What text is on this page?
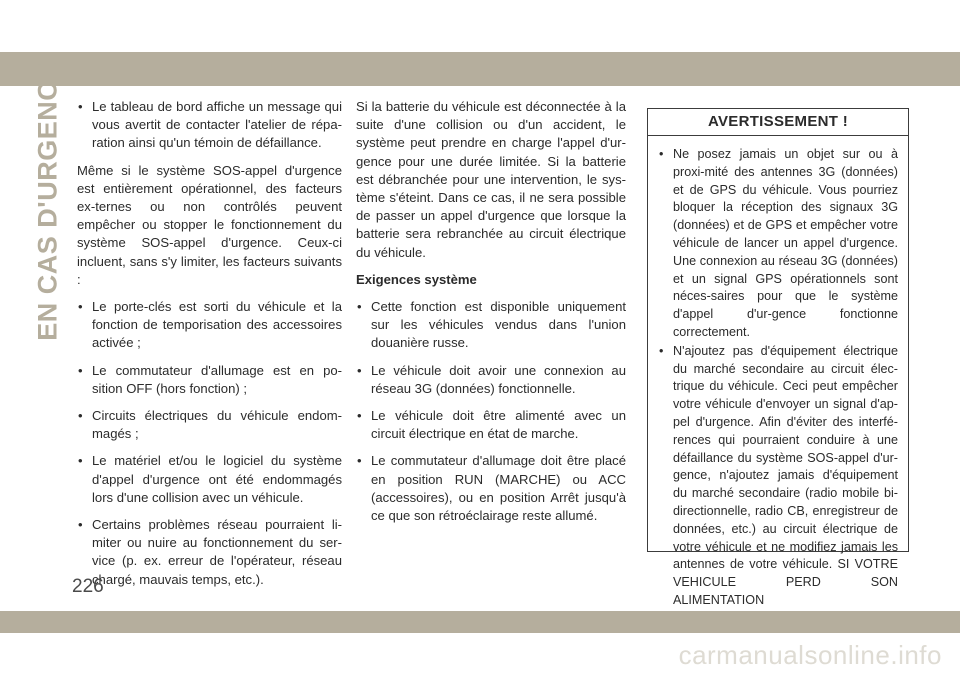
EN CAS D'URGENCE
•	Le tableau de bord affiche un message qui vous avertit de contacter l'atelier de répa-ration ainsi qu'un témoin de défaillance.

Même si le système SOS-appel d'urgence est entièrement opérationnel, des facteurs ex-ternes ou non contrôlés peuvent empêcher ou stopper le fonctionnement du système SOS-appel d'urgence. Ceux-ci incluent, sans s'y limiter, les facteurs suivants :

• Le porte-clés est sorti du véhicule et la fonction de temporisation des accessoires activée ;
• Le commutateur d'allumage est en po-sition OFF (hors fonction) ;
• Circuits électriques du véhicule endom-magés ;
• Le matériel et/ou le logiciel du système d'appel d'urgence ont été endommagés lors d'une collision avec un véhicule.
• Certains problèmes réseau pourraient li-miter ou nuire au fonctionnement du ser-vice (p. ex. erreur de l'opérateur, réseau chargé, mauvais temps, etc.).

Si la batterie du véhicule est déconnectée à la suite d'une collision ou d'un accident, le système peut prendre en charge l'appel d'ur-gence pour une durée limitée. Si la batterie est débranchée pour une intervention, le sys-tème s'éteint. Dans ce cas, il ne sera possible de passer un appel d'urgence que lorsque la batterie sera rebranchée au circuit électrique du véhicule.

Exigences système
• Cette fonction est disponible uniquement sur les véhicules vendus dans l'union douanière russe.
• Le véhicule doit avoir une connexion au réseau 3G (données) fonctionnelle.
• Le véhicule doit être alimenté avec un circuit électrique en état de marche.
• Le commutateur d'allumage doit être placé en position RUN (MARCHE) ou ACC (accessoires), ou en position Arrêt jusqu'à ce que son rétroéclairage reste allumé.
AVERTISSEMENT !
• Ne posez jamais un objet sur ou à proxi-mité des antennes 3G (données) et de GPS du véhicule. Vous pourriez bloquer la réception des signaux 3G (données) et de GPS et empêcher votre véhicule de lancer un appel d'urgence. Une connexion au réseau 3G (données) et un signal GPS opérationnels sont néces-saires pour que le système d'appel d'ur-gence fonctionne correctement.
• N'ajoutez pas d'équipement électrique du marché secondaire au circuit élec-trique du véhicule. Ceci peut empêcher votre véhicule d'envoyer un signal d'ap-pel d'urgence. Afin d'éviter des interfé-rences qui pourraient conduire à une défaillance du système SOS-appel d'ur-gence, n'ajoutez jamais d'équipement du marché secondaire (radio mobile bi-directionnelle, radio CB, enregistreur de données, etc.) au circuit électrique de votre véhicule et ne modifiez jamais les antennes de votre véhicule. SI VOTRE VEHICULE PERD SON ALIMENTATION
226
carmanualsonline.info
